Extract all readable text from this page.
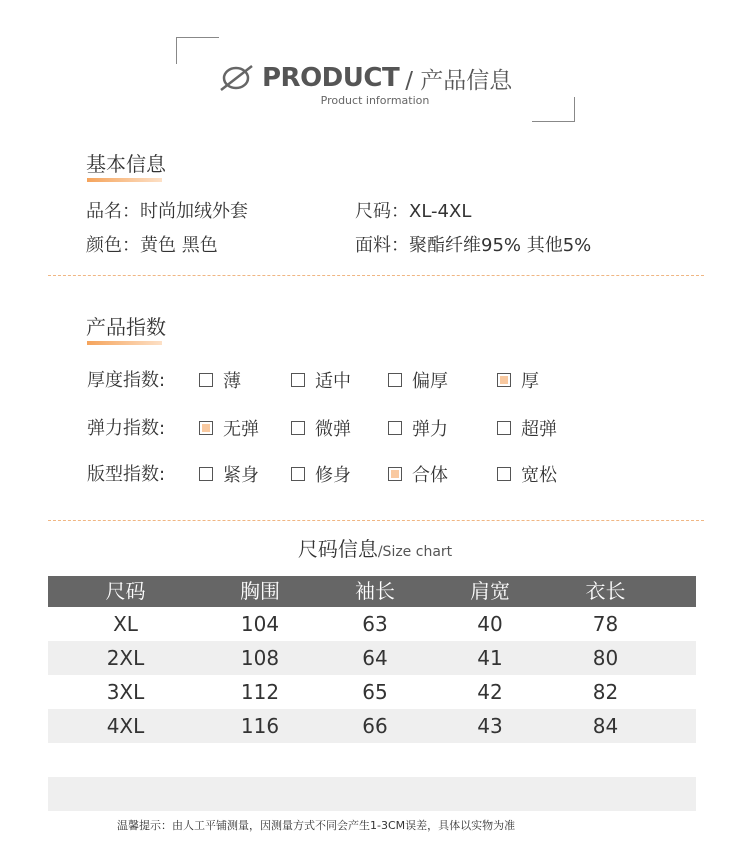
PRODUCT / 产品信息
Product information
基本信息
品名：时尚加绒外套	尺码：XL-4XL
颜色：黄色 黑色	面料：聚酯纤维95% 其他5%
产品指数
厚度指数:	薄	适中	偏厚	厚
弹力指数:	无弹	微弹	弹力	超弹
版型指数:	紧身	修身	合体	宽松
尺码信息/Size chart
尺码	胸围	袖长	肩宽	衣长
XL	104	63	40	78
2XL	108	64	41	80
3XL	112	65	42	82
4XL	116	66	43	84
温馨提示：由人工平铺测量，因测量方式不同会产生1-3CM误差，具体以实物为准
